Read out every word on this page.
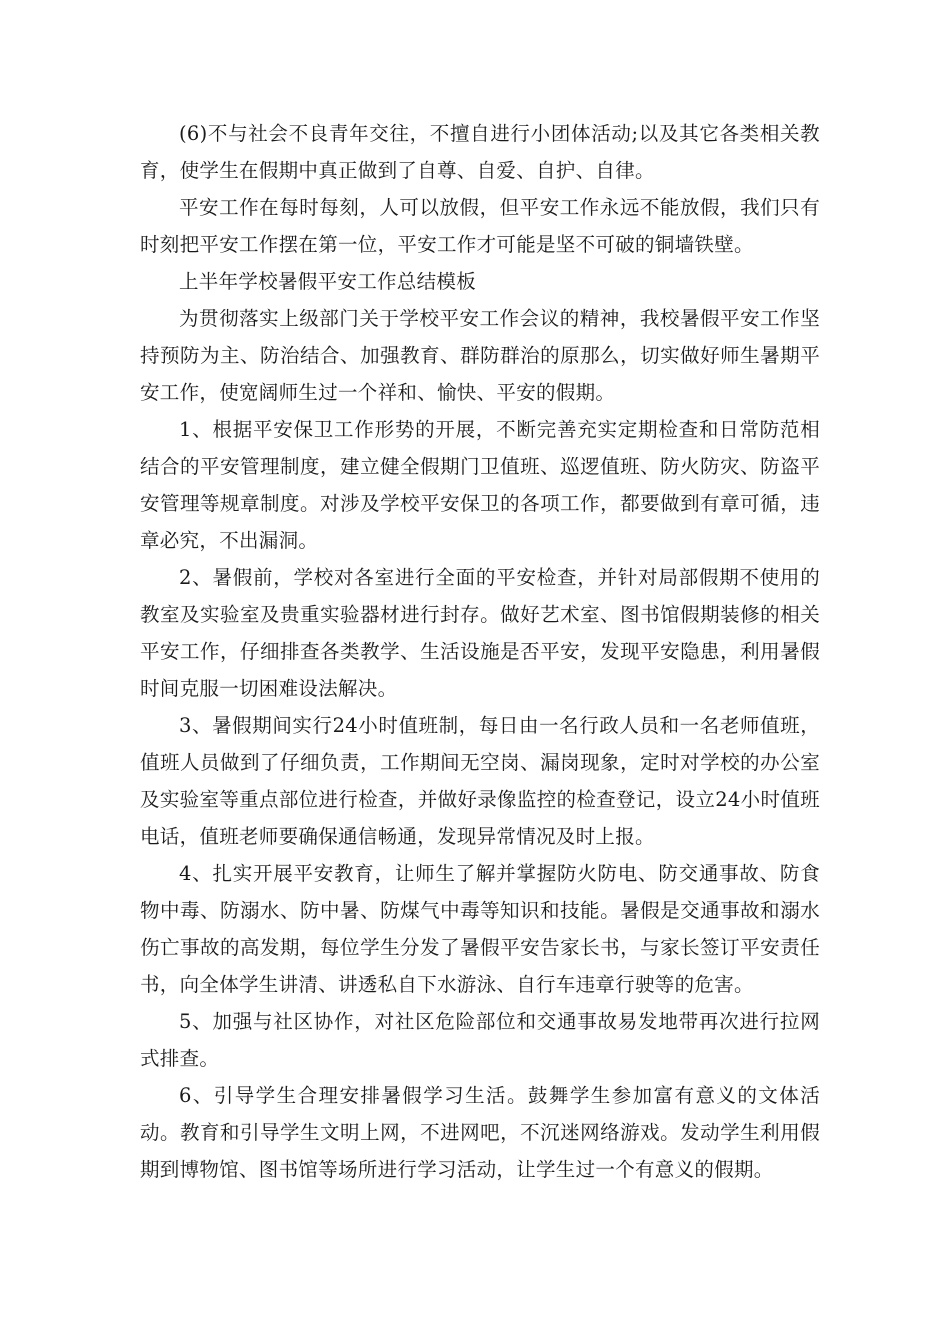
(6)不与社会不良青年交往，不擅自进行小团体活动;以及其它各类相关教育，使学生在假期中真正做到了自尊、自爱、自护、自律。

平安工作在每时每刻，人可以放假，但平安工作永远不能放假，我们只有时刻把平安工作摆在第一位，平安工作才可能是坚不可破的铜墙铁壁。

上半年学校暑假平安工作总结模板

为贯彻落实上级部门关于学校平安工作会议的精神，我校暑假平安工作坚持预防为主、防治结合、加强教育、群防群治的原那么，切实做好师生暑期平安工作，使宽阔师生过一个祥和、愉快、平安的假期。

1、根据平安保卫工作形势的开展，不断完善充实定期检查和日常防范相结合的平安管理制度，建立健全假期门卫值班、巡逻值班、防火防灾、防盗平安管理等规章制度。对涉及学校平安保卫的各项工作，都要做到有章可循，违章必究，不出漏洞。

2、暑假前，学校对各室进行全面的平安检查，并针对局部假期不使用的教室及实验室及贵重实验器材进行封存。做好艺术室、图书馆假期装修的相关平安工作，仔细排查各类教学、生活设施是否平安，发现平安隐患，利用暑假时间克服一切困难设法解决。

3、暑假期间实行24小时值班制，每日由一名行政人员和一名老师值班，值班人员做到了仔细负责，工作期间无空岗、漏岗现象，定时对学校的办公室及实验室等重点部位进行检查，并做好录像监控的检查登记，设立24小时值班电话，值班老师要确保通信畅通，发现异常情况及时上报。

4、扎实开展平安教育，让师生了解并掌握防火防电、防交通事故、防食物中毒、防溺水、防中暑、防煤气中毒等知识和技能。暑假是交通事故和溺水伤亡事故的高发期，每位学生分发了暑假平安告家长书，与家长签订平安责任书，向全体学生讲清、讲透私自下水游泳、自行车违章行驶等的危害。

5、加强与社区协作，对社区危险部位和交通事故易发地带再次进行拉网式排查。

6、引导学生合理安排暑假学习生活。鼓舞学生参加富有意义的文体活动。教育和引导学生文明上网，不进网吧，不沉迷网络游戏。发动学生利用假期到博物馆、图书馆等场所进行学习活动，让学生过一个有意义的假期。
